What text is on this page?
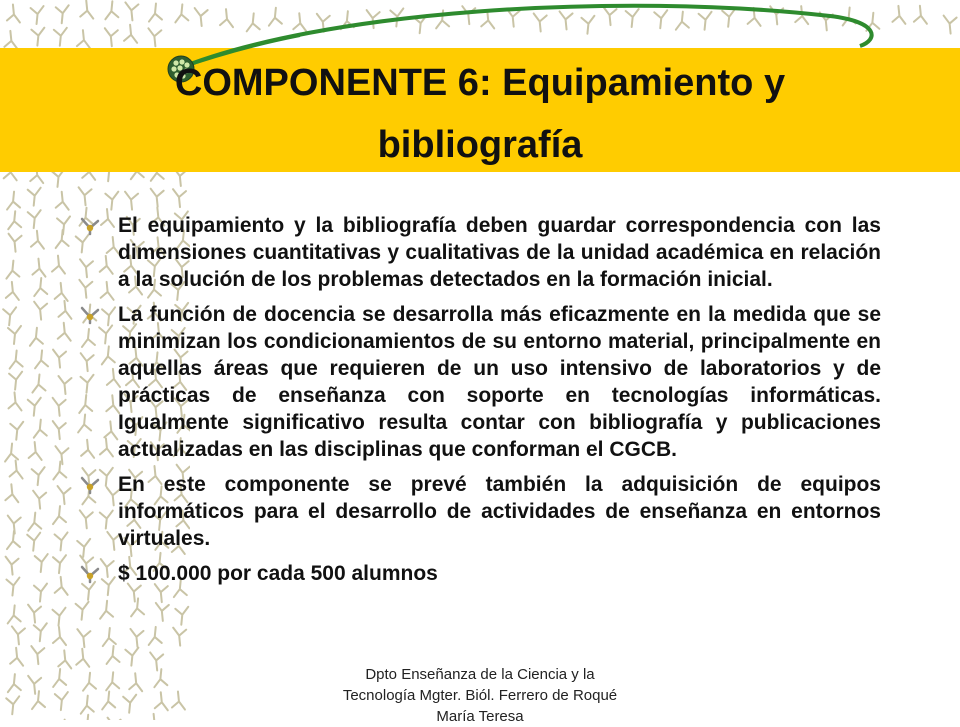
COMPONENTE 6: Equipamiento y bibliografía
El equipamiento y la bibliografía deben guardar correspondencia con las dimensiones cuantitativas y cualitativas de la unidad académica en relación a la solución de los problemas detectados en la formación inicial.
La función de docencia se desarrolla más eficazmente en la medida que se minimizan los condicionamientos de su entorno material, principalmente en aquellas áreas que requieren de un uso intensivo de laboratorios y de prácticas de enseñanza con soporte en tecnologías informáticas. Igualmente significativo resulta contar con bibliografía y publicaciones actualizadas en las disciplinas que conforman el CGCB.
En este componente se prevé también la adquisición de equipos informáticos para el desarrollo de actividades de enseñanza en entornos virtuales.
$ 100.000 por cada 500 alumnos
Dpto Enseñanza de la Ciencia y la Tecnología Mgter. Biól. Ferrero de Roqué María Teresa
